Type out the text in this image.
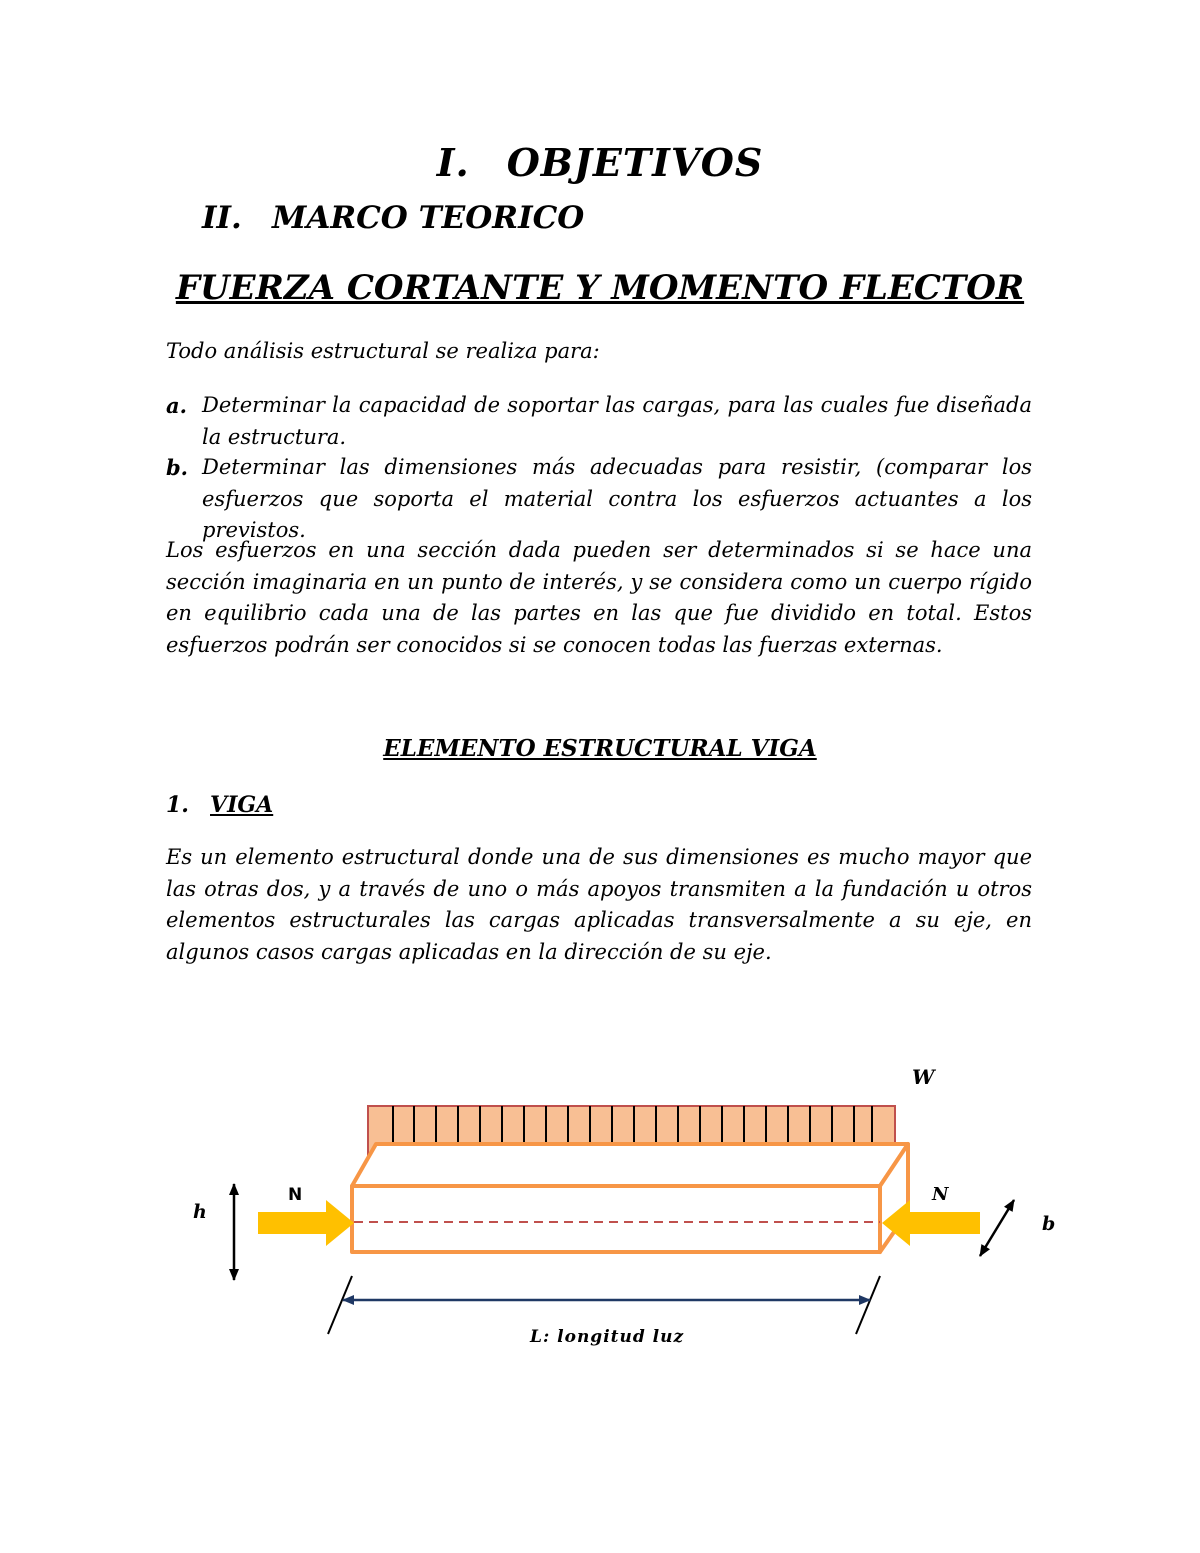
I. OBJETIVOS
II. MARCO TEORICO
FUERZA CORTANTE Y MOMENTO FLECTOR
Todo análisis estructural se realiza para:
a. Determinar la capacidad de soportar las cargas, para las cuales fue diseñada la estructura.
b. Determinar las dimensiones más adecuadas para resistir, (comparar los esfuerzos que soporta el material contra los esfuerzos actuantes a los previstos.
Los esfuerzos en una sección dada pueden ser determinados si se hace una sección imaginaria en un punto de interés, y se considera como un cuerpo rígido en equilibrio cada una de las partes en las que fue dividido en total. Estos esfuerzos podrán ser conocidos si se conocen todas las fuerzas externas.
ELEMENTO ESTRUCTURAL VIGA
1. VIGA
Es un elemento estructural donde una de sus dimensiones es mucho mayor que las otras dos, y a través de uno o más apoyos transmiten a la fundación u otros elementos estructurales las cargas aplicadas transversalmente a su eje, en algunos casos cargas aplicadas en la dirección de su eje.
W
h
N	N
b
L: longitud luz
